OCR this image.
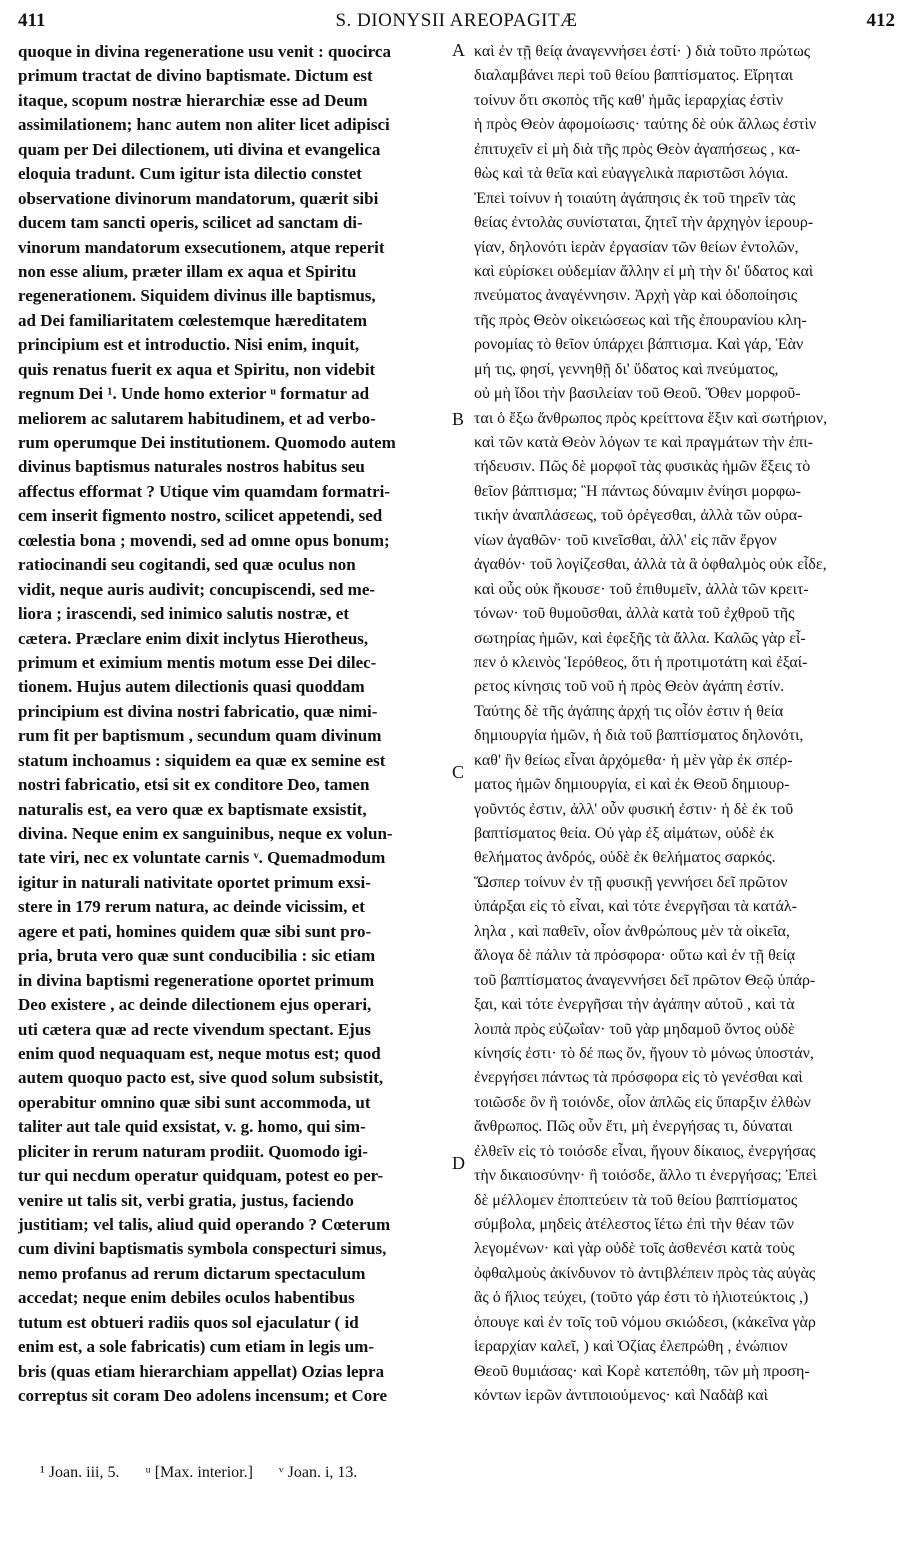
411	S. DIONYSII AREOPAGITÆ	412
quoque in divina regeneratione usu venit : quocirca
primum tractat de divino baptismate. Dictum est
itaque, scopum nostræ hierarchiæ esse ad Deum
assimilationem; hanc autem non aliter licet adipisci
quam per Dei dilectionem, uti divina et evangelica
eloquia tradunt. Cum igitur ista dilectio constet
observatione divinorum mandatorum, quærit sibi
ducem tam sancti operis, scilicet ad sanctam di-
vinorum mandatorum exsecutionem, atque reperit
non esse alium, præter illam ex aqua et Spiritu
regenerationem. Siquidem divinus ille baptismus,
ad Dei familiaritatem cœlestemque hæreditatem
principium est et introductio. Nisi enim, inquit,
quis renatus fuerit ex aqua et Spiritu, non videbit
regnum Dei ¹. Unde homo exterior ᵘ formatur ad
meliorem ac salutarem habitudinem, et ad verbo-
rum operumque Dei institutionem. Quomodo autem
divinus baptismus naturales nostros habitus seu
affectus efformat ? Utique vim quamdam formatri-
cem inserit figmento nostro, scilicet appetendi, sed
cœlestia bona ; movendi, sed ad omne opus bonum;
ratiocinandi seu cogitandi, sed quæ oculus non
vidit, neque auris audivit; concupiscendi, sed me-
liora ; irascendi, sed inimico salutis nostræ, et
cætera. Præclare enim dixit inclytus Hierotheus,
primum et eximium mentis motum esse Dei dilec-
tionem. Hujus autem dilectionis quasi quoddam
principium est divina nostri fabricatio, quæ nimi-
rum fit per baptismum , secundum quam divinum
statum inchoamus : siquidem ea quæ ex semine est
nostri fabricatio, etsi sit ex conditore Deo, tamen
naturalis est, ea vero quæ ex baptismate exsistit,
divina. Neque enim ex sanguinibus, neque ex volun-
tate viri, nec ex voluntate carnis ᵛ. Quemadmodum
igitur in naturali nativitate oportet primum exsi-
stere in 179 rerum natura, ac deinde vicissim, et
agere et pati, homines quidem quæ sibi sunt pro-
pria, bruta vero quæ sunt conducibilia : sic etiam
in divina baptismi regeneratione oportet primum
Deo existere , ac deinde dilectionem ejus operari,
uti cætera quæ ad recte vivendum spectant. Ejus
enim quod nequaquam est, neque motus est; quod
autem quoquo pacto est, sive quod solum subsistit,
operabitur omnino quæ sibi sunt accommoda, ut
taliter aut tale quid exsistat, v. g. homo, qui sim-
pliciter in rerum naturam prodiit. Quomodo igi-
tur qui necdum operatur quidquam, potest eo per-
venire ut talis sit, verbi gratia, justus, faciendo
justitiam; vel talis, aliud quid operando ? Cœterum
cum divini baptismatis symbola conspecturi simus,
nemo profanus ad rerum dictarum spectaculum
accedat; neque enim debiles oculos habentibus
tutum est obtueri radiis quos sol ejaculatur ( id
enim est, a sole fabricatis) cum etiam in legis um-
bris (quas etiam hierarchiam appellat) Ozias lepra
correptus sit coram Deo adolens incensum; et Core
A
B
C
D
καὶ ἐν τῇ θείᾳ ἀναγεννήσει ἐστί· ) διὰ τοῦτο πρώτως
διαλαμβάνει περὶ τοῦ θείου βαπτίσματος. Εἴρηται
τοίνυν ὅτι σκοπὸς τῆς καθ' ἡμᾶς ἱεραρχίας ἐστὶν
ἡ πρὸς Θεὸν ἀφομοίωσις· ταύτης δὲ οὐκ ἄλλως ἐστὶν
ἐπιτυχεῖν εἰ μὴ διὰ τῆς πρὸς Θεὸν ἀγαπήσεως , κα-
θὼς καὶ τὰ θεῖα καὶ εὐαγγελικὰ παριστῶσι λόγια.
Ἐπεὶ τοίνυν ἡ τοιαύτη ἀγάπησις ἐκ τοῦ τηρεῖν τὰς
θείας ἐντολὰς συνίσταται, ζητεῖ τὴν ἀρχηγὸν ἱερουρ-
γίαν, δηλονότι ἱερὰν ἐργασίαν τῶν θείων ἐντολῶν,
καὶ εὑρίσκει οὐδεμίαν ἄλλην εἰ μὴ τὴν δι' ὕδατος καὶ
πνεύματος ἀναγέννησιν. Ἀρχὴ γὰρ καὶ ὁδοποίησις
τῆς πρὸς Θεὸν οἰκειώσεως καὶ τῆς ἐπουρανίου κλη-
ρονομίας τὸ θεῖον ὑπάρχει βάπτισμα. Καὶ γάρ, Ἐὰν
μή τις, φησί, γεννηθῇ δι' ὕδατος καὶ πνεύματος,
οὐ μὴ ἴδοι τὴν βασιλείαν τοῦ Θεοῦ. Ὅθεν μορφοῦ-
ται ὁ ἔξω ἄνθρωπος πρὸς κρείττονα ἕξιν καὶ σωτήριον,
καὶ τῶν κατὰ Θεὸν λόγων τε καὶ πραγμάτων τὴν ἐπι-
τήδευσιν. Πῶς δὲ μορφοῖ τὰς φυσικὰς ἡμῶν ἕξεις τὸ
θεῖον βάπτισμα; Ἢ πάντως δύναμιν ἐνίησι μορφω-
τικὴν ἀναπλάσεως, τοῦ ὀρέγεσθαι, ἀλλὰ τῶν οὐρα-
νίων ἀγαθῶν· τοῦ κινεῖσθαι, ἀλλ' εἰς πᾶν ἔργον
ἀγαθόν· τοῦ λογίζεσθαι, ἀλλὰ τὰ ἃ ὀφθαλμὸς οὐκ εἶδε,
καὶ οὖς οὐκ ἤκουσε· τοῦ ἐπιθυμεῖν, ἀλλὰ τῶν κρειτ-
τόνων· τοῦ θυμοῦσθαι, ἀλλὰ κατὰ τοῦ ἐχθροῦ τῆς
σωτηρίας ἡμῶν, καὶ ἐφεξῆς τὰ ἄλλα. Καλῶς γὰρ εἶ-
πεν ὁ κλεινὸς Ἱερόθεος, ὅτι ἡ προτιμοτάτη καὶ ἐξαί-
ρετος κίνησις τοῦ νοῦ ἡ πρὸς Θεὸν ἀγάπη ἐστίν.
Ταύτης δὲ τῆς ἀγάπης ἀρχή τις οἷόν ἐστιν ἡ θεία
δημιουργία ἡμῶν, ἡ διὰ τοῦ βαπτίσματος δηλονότι,
καθ' ἣν θείως εἶναι ἀρχόμεθα· ἡ μὲν γὰρ ἐκ σπέρ-
ματος ἡμῶν δημιουργία, εἰ καὶ ἐκ Θεοῦ δημιουρ-
γοῦντός ἐστιν, ἀλλ' οὖν φυσική ἐστιν· ἡ δὲ ἐκ τοῦ
βαπτίσματος θεία. Οὐ γὰρ ἐξ αἱμάτων, οὐδὲ ἐκ
θελήματος ἀνδρός, οὐδὲ ἐκ θελήματος σαρκός.
Ὥσπερ τοίνυν ἐν τῇ φυσικῇ γεννήσει δεῖ πρῶτον
ὑπάρξαι εἰς τὸ εἶναι, καὶ τότε ἐνεργῆσαι τὰ κατάλ-
ληλα , καὶ παθεῖν, οἷον ἀνθρώπους μὲν τὰ οἰκεῖα,
ἄλογα δὲ πάλιν τὰ πρόσφορα· οὕτω καὶ ἐν τῇ θείᾳ
τοῦ βαπτίσματος ἀναγεννήσει δεῖ πρῶτον Θεῷ ὑπάρ-
ξαι, καὶ τότε ἐνεργῆσαι τὴν ἀγάπην αὐτοῦ , καὶ τὰ
λοιπὰ πρὸς εὐζωΐαν· τοῦ γὰρ μηδαμοῦ ὄντος οὐδὲ
κίνησίς ἐστι· τὸ δέ πως ὄν, ἤγουν τὸ μόνως ὑποστάν,
ἐνεργήσει πάντως τὰ πρόσφορα εἰς τὸ γενέσθαι καὶ
τοιῶσδε ὂν ἢ τοιόνδε, οἷον ἁπλῶς εἰς ὕπαρξιν ἐλθὼν
ἄνθρωπος. Πῶς οὖν ἔτι, μὴ ἐνεργήσας τι, δύναται
ἐλθεῖν εἰς τὸ τοιόσδε εἶναι, ἤγουν δίκαιος, ἐνεργήσας
τὴν δικαιοσύνην· ἢ τοιόσδε, ἄλλο τι ἐνεργήσας; Ἐπεὶ
δὲ μέλλομεν ἐποπτεύειν τὰ τοῦ θείου βαπτίσματος
σύμβολα, μηδεὶς ἀτέλεστος ἴέτω ἐπὶ τὴν θέαν τῶν
λεγομένων· καὶ γὰρ οὐδὲ τοῖς ἀσθενέσι κατὰ τοὺς
ὀφθαλμοὺς ἀκίνδυνον τὸ ἀντιβλέπειν πρὸς τὰς αὐγὰς
ἃς ὁ ἥλιος τεύχει, (τοῦτο γάρ ἐστι τὸ ἡλιοτεύκτοις ,)
ὁπουγε καὶ ἐν τοῖς τοῦ νόμου σκιώδεσι, (κἀκεῖνα γὰρ
ἱεραρχίαν καλεῖ, ) καὶ Ὀζίας ἐλεπρώθη , ἐνώπιον
Θεοῦ θυμιάσας· καὶ Κορὲ κατεπόθη, τῶν μὴ προση-
κόντων ἱερῶν ἀντιποιούμενος· καὶ Ναδὰβ καὶ
¹ Joan. iii, 5. ᵘ [Max. interior.] ᵛ Joan. i, 13.
